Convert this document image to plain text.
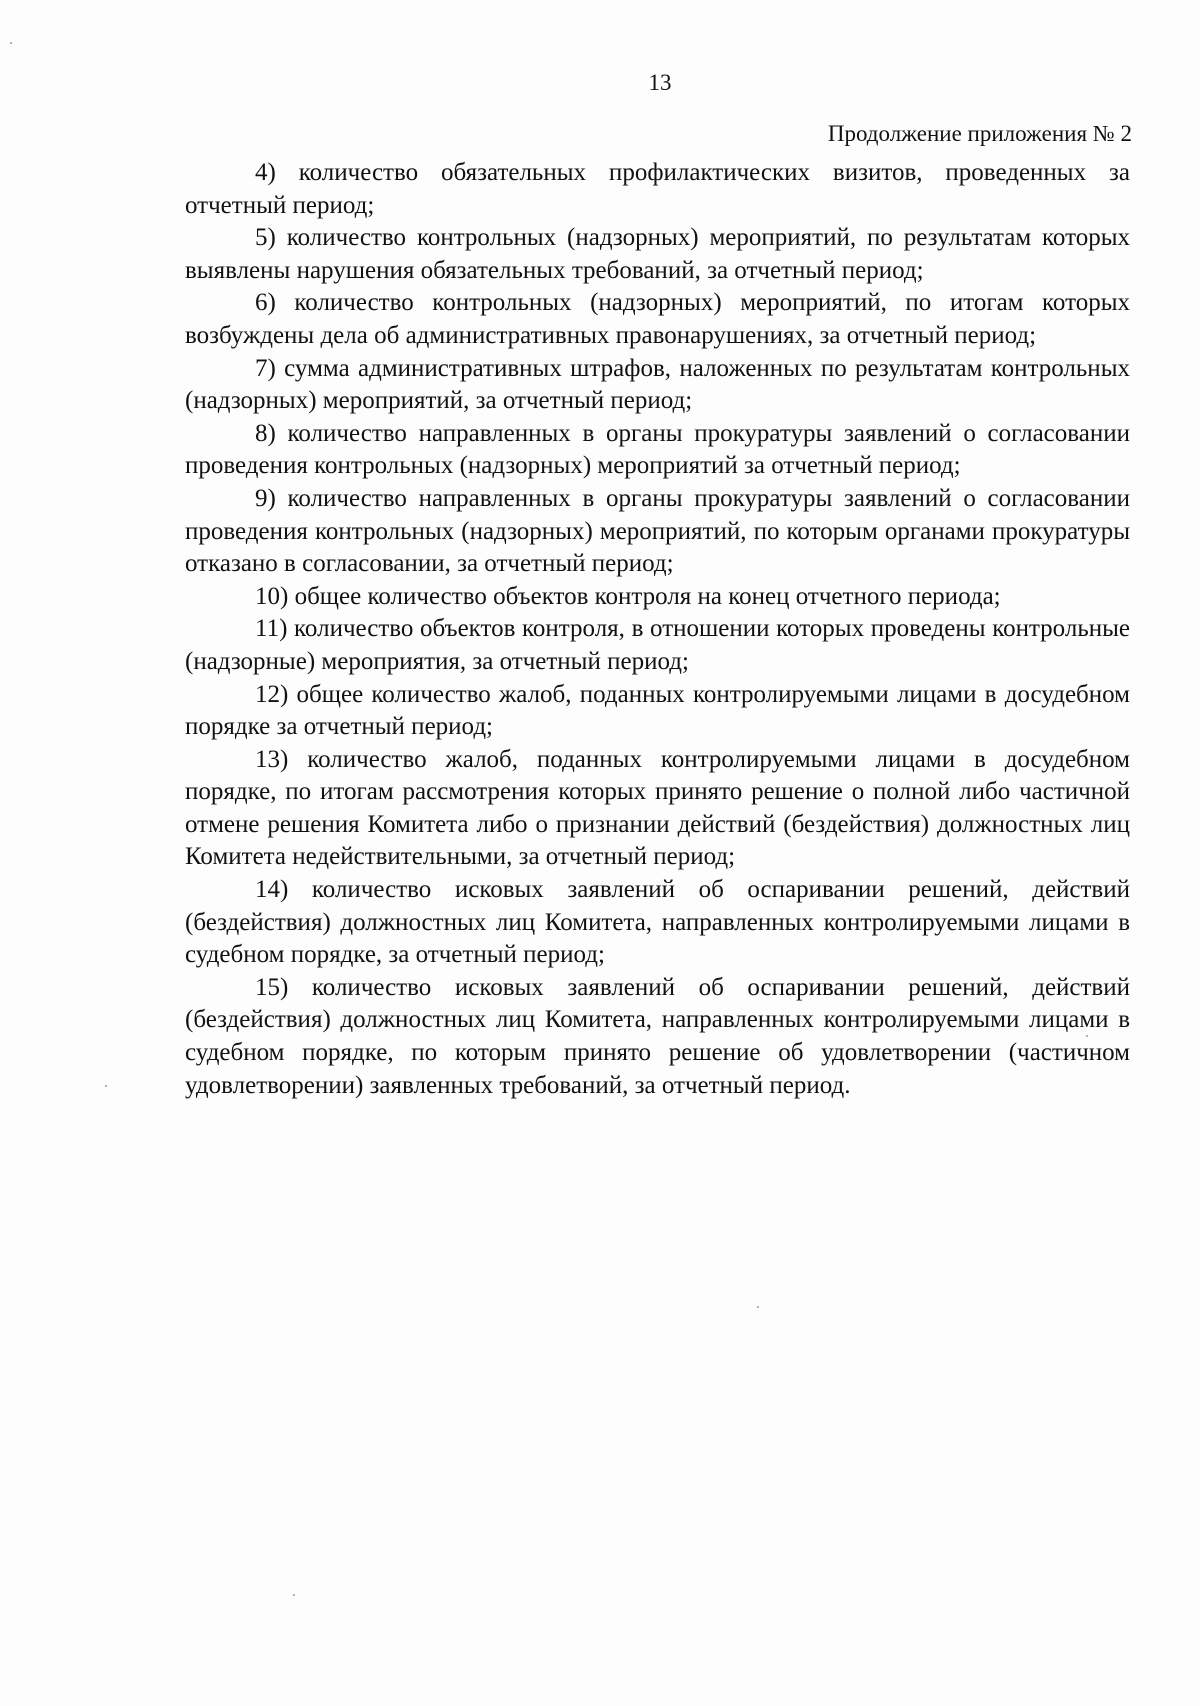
13
Продолжение приложения № 2

4) количество обязательных профилактических визитов, проведенных за отчетный период;

5) количество контрольных (надзорных) мероприятий, по результатам которых выявлены нарушения обязательных требований, за отчетный период;

6) количество контрольных (надзорных) мероприятий, по итогам которых возбуждены дела об административных правонарушениях, за отчетный период;

7) сумма административных штрафов, наложенных по результатам контрольных (надзорных) мероприятий, за отчетный период;

8) количество направленных в органы прокуратуры заявлений о согласовании проведения контрольных (надзорных) мероприятий за отчетный период;

9) количество направленных в органы прокуратуры заявлений о согласовании проведения контрольных (надзорных) мероприятий, по которым органами прокуратуры отказано в согласовании, за отчетный период;

10) общее количество объектов контроля на конец отчетного периода;

11) количество объектов контроля, в отношении которых проведены контрольные (надзорные) мероприятия, за отчетный период;

12) общее количество жалоб, поданных контролируемыми лицами в досудебном порядке за отчетный период;

13) количество жалоб, поданных контролируемыми лицами в досудебном порядке, по итогам рассмотрения которых принято решение о полной либо частичной отмене решения Комитета либо о признании действий (бездействия) должностных лиц Комитета недействительными, за отчетный период;

14) количество исковых заявлений об оспаривании решений, действий (бездействия) должностных лиц Комитета, направленных контролируемыми лицами в судебном порядке, за отчетный период;

15) количество исковых заявлений об оспаривании решений, действий (бездействия) должностных лиц Комитета, направленных контролируемыми лицами в судебном порядке, по которым принято решение об удовлетворении (частичном удовлетворении) заявленных требований, за отчетный период.
